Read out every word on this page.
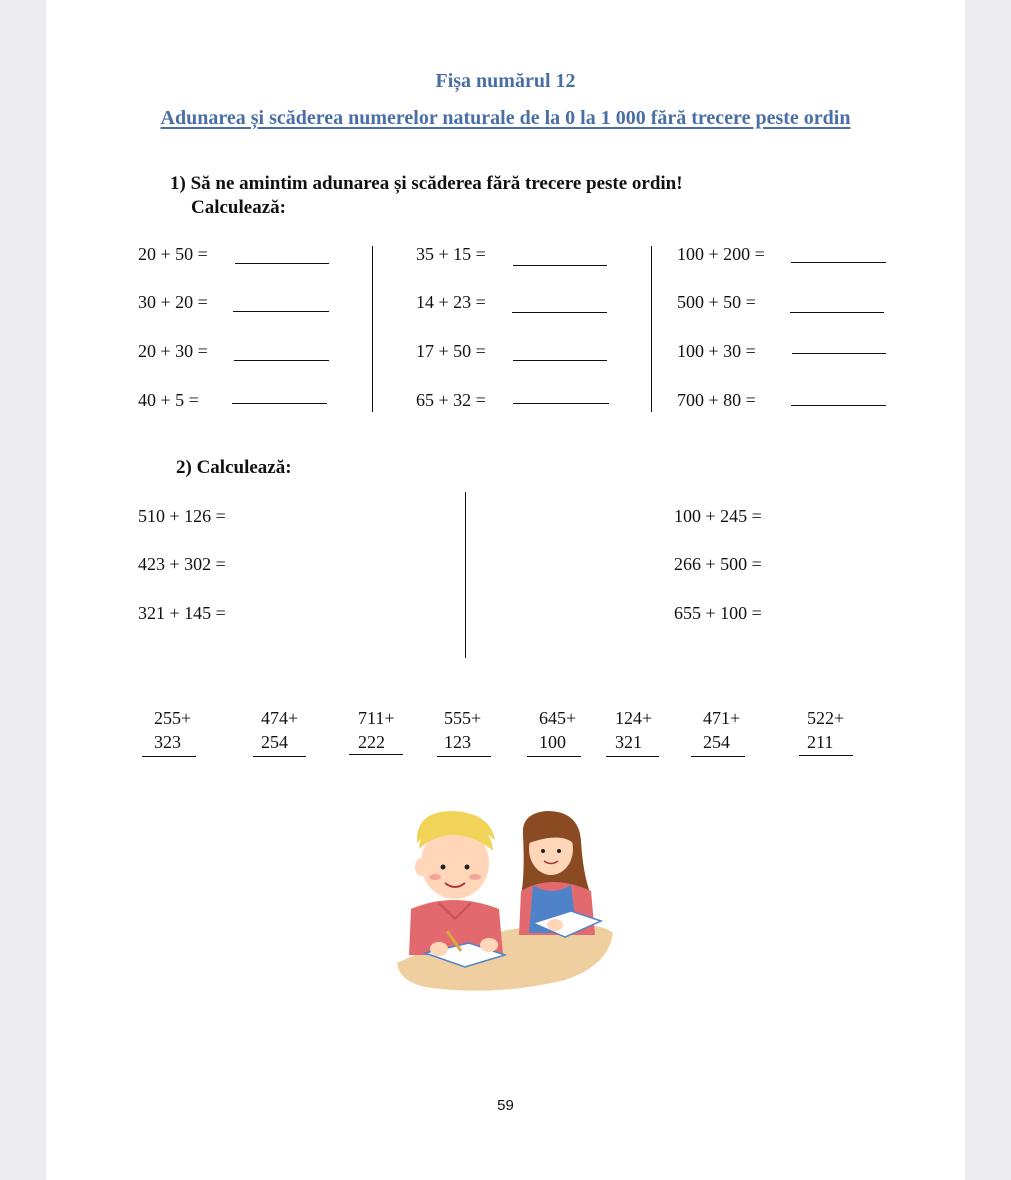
Fișa numărul 12
Adunarea și scăderea numerelor naturale de la 0 la 1 000 fără trecere peste ordin
1) Să ne amintim adunarea și scăderea fără trecere peste ordin!
Calculează:
20 + 50 =
30 + 20 =
20 + 30 =
40 + 5 =
35 + 15 =
14 + 23 =
17 + 50 =
65 + 32 =
100 + 200 =
500 + 50 =
100 + 30 =
700 + 80 =
2) Calculează:
510 + 126 =
423 + 302 =
321 + 145 =
100 + 245 =
266 + 500 =
655 + 100 =
255+
323
474+
254
711+
222
555+
123
645+
100
124+
321
471+
254
522+
211
59
